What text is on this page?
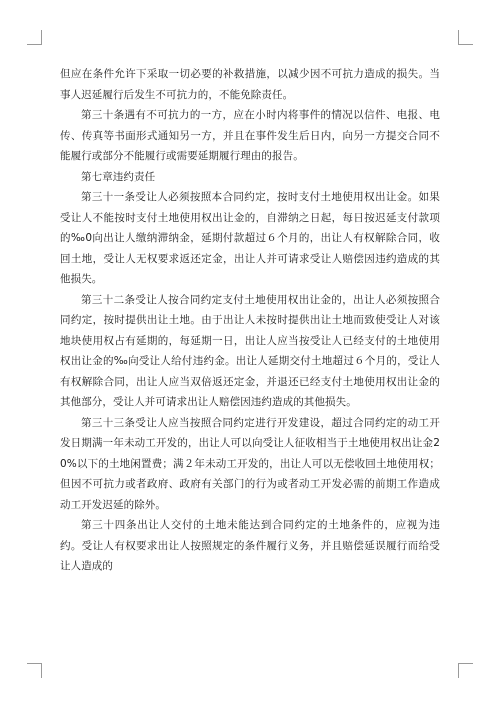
但应在条件允许下采取一切必要的补救措施，以减少因不可抗力造成的损失。当事人迟延履行后发生不可抗力的，不能免除责任。

第三十条遇有不可抗力的一方，应在小时内将事件的情况以信件、电报、电传、传真等书面形式通知另一方，并且在事件发生后日内，向另一方提交合同不能履行或部分不能履行或需要延期履行理由的报告。

第七章违约责任

第三十一条受让人必须按照本合同约定，按时支付土地使用权出让金。如果受让人不能按时支付土地使用权出让金的，自滞纳之日起，每日按迟延支付款项的‰0向出让人缴纳滞纳金，延期付款超过６个月的，出让人有权解除合同，收回土地，受让人无权要求返还定金，出让人并可请求受让人赔偿因违约造成的其他损失。

第三十二条受让人按合同约定支付土地使用权出让金的，出让人必须按照合同约定，按时提供出让土地。由于出让人未按时提供出让土地而致使受让人对该地块使用权占有延期的，每延期一日，出让人应当按受让人已经支付的土地使用权出让金的‰向受让人给付违约金。出让人延期交付土地超过６个月的，受让人有权解除合同，出让人应当双倍返还定金，并退还已经支付土地使用权出让金的其他部分，受让人并可请求出让人赔偿因违约造成的其他损失。

第三十三条受让人应当按照合同约定进行开发建设，超过合同约定的动工开发日期满一年未动工开发的，出让人可以向受让人征收相当于土地使用权出让金20%以下的土地闲置费；满２年未动工开发的，出让人可以无偿收回土地使用权；但因不可抗力或者政府、政府有关部门的行为或者动工开发必需的前期工作造成动工开发迟延的除外。

第三十四条出让人交付的土地未能达到合同约定的土地条件的，应视为违约。受让人有权要求出让人按照规定的条件履行义务，并且赔偿延误履行而给受让人造成的
